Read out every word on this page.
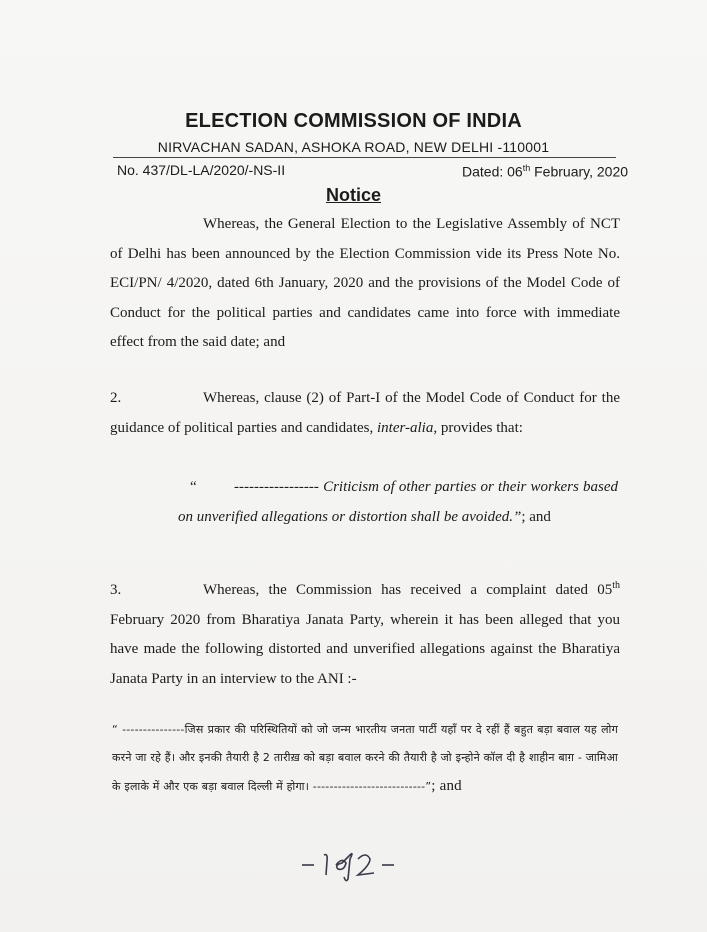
ELECTION COMMISSION OF INDIA
NIRVACHAN SADAN, ASHOKA ROAD, NEW DELHI -110001
No. 437/DL-LA/2020/-NS-II	Dated: 06th February, 2020
Notice
Whereas, the General Election to the Legislative Assembly of NCT of Delhi has been announced by the Election Commission vide its Press Note No. ECI/PN/ 4/2020, dated 6th January, 2020 and the provisions of the Model Code of Conduct for the political parties and candidates came into force with immediate effect from the said date; and
2.	Whereas, clause (2) of Part-I of the Model Code of Conduct for the guidance of political parties and candidates, inter-alia, provides that:
“ ----------------- Criticism of other parties or their workers based on unverified allegations or distortion shall be avoided.”; and
3.	Whereas, the Commission has received a complaint dated 05th February 2020 from Bharatiya Janata Party, wherein it has been alleged that you have made the following distorted and unverified allegations against the Bharatiya Janata Party in an interview to the ANI :-
“ ---------------जिस प्रकार की परिस्थितियों को जो जन्म भारतीय जनता पार्टी यहाँ पर दे रहीं हैं बहुत बड़ा बवाल यह लोग करने जा रहे हैं। और इनकी तैयारी है 2 तारीख़ को बड़ा बवाल करने की तैयारी है जो इन्होने कॉल दी है शाहीन बाग़ - जामिआ के इलाके में और एक बड़ा बवाल दिल्ली में होगा। ---------------------------”; and
